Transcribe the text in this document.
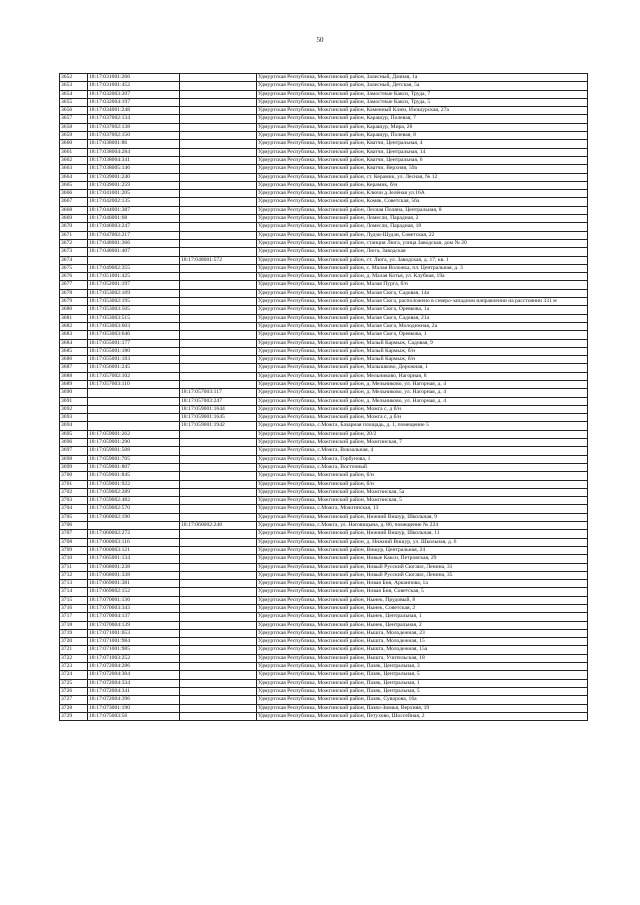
50
3652	18:17:031001:266		Удмуртская Республика, Можгинский район, Залесный, Дачная, 1а
3653	18:17:031001:452		Удмуртская Республика, Можгинский район, Залесный, Детская, 5а
3654	18:17:032003:207		Удмуртская Республика, Можгинский район, Замостные Какси, Труда, 7
3655	18:17:032004:197		Удмуртская Республика, Можгинский район, Замостные Какси, Труда, 5
3656	18:17:034001:248		Удмуртская Республика, Можгинский район, Каменный Ключ, Изошурская, 27а
3657	18:17:037002:134		Удмуртская Республика, Можгинский район, Карашур, Полевая, 7
3658	18:17:037002:138		Удмуртская Республика, Можгинский район, Карашур, Мира, 28
3659	18:17:037002:150		Удмуртская Республика, Можгинский район, Карашур, Полевая, 8
3660	18:17:038001:86		Удмуртская Республика, Можгинский район, Кватчи, Центральная, 4
3661	18:17:038004:284		Удмуртская Республика, Можгинский район, Кватчи, Центральная, 14
3662	18:17:038004:341		Удмуртская Республика, Можгинский район, Кватчи, Центральная, 6
3663	18:17:038005:146		Удмуртская Республика, Можгинский район, Кватчи, Верхняя, 59а
3664	18:17:039001:240		Удмуртская Республика, Можгинский район, ст. Керамик, ул. Лесная, № 12
3665	18:17:039001:259		Удмуртская Республика, Можгинский район, Керамик, б/н
3666	18:17:041001:205		Удмуртская Республика, Можгинский район, Ключи д.Зелёная ул.16А
3667	18:17:042002:135		Удмуртская Республика, Можгинский район, Комяк, Советская, 56а
3668	18:17:044001:387		Удмуртская Республика, Можгинский район, Лесная Поляна, Центральная, 8
3669	18:17:046001:68		Удмуртская Республика, Можгинский район, Ломесли, Парадная, 2
3670	18:17:046003:247		Удмуртская Республика, Можгинский район, Ломесли, Парадная, 18
3671	18:17:047002:217		Удмуртская Республика, Можгинский район, Лудзи-Шудзи, Советская, 22
3672	18:17:048001:366		Удмуртская Республика, Можгинский район, станция Люга, улица Заводская, дом № 20
3673	18:17:048001:407		Удмуртская Республика, Можгинский район, Люга, Заводская
3674		18:17:048001:572	Удмуртская Республика, Можгинский район, ст. Люга, ул. Заводская, д. 17, кв. 1
3675	18:17:049002:355		Удмуртская Республика, Можгинский район, с. Малая Воложка, пл. Центральная, д. 3
3676	18:17:051001:425		Удмуртская Республика, Можгинский район, д. Малая Котья, ул. Клубная, 19а
3677	18:17:052001:197		Удмуртская Республика, Можгинский район, Малая Пурга, б/н
3678	18:17:053002:169		Удмуртская Республика, Можгинский район, Малая Сюга, Садовая, 14а
3679	18:17:053002:195		Удмуртская Республика, Можгинский район, Малая Сюга, расположено в северо-западном направлении на расстоянии 331 м
3680	18:17:053003:505		Удмуртская Республика, Можгинский район, Малая Сюга, Оревкова, 1а
3681	18:17:053003:515		Удмуртская Республика, Можгинский район, Малая Сюга, Садовая, 21а
3682	18:17:053003:603		Удмуртская Республика, Можгинский район, Малая Сюга, Молодежная, 2а
3683	18:17:053003:646		Удмуртская Республика, Можгинский район, Малая Сюга, Оревкова, 1
3684	18:17:055001:177		Удмуртская Республика, Можгинский район, Малый Кармыж, Садовая, 9
3685	18:17:055001:180		Удмуртская Республика, Можгинский район, Малый Кармыж, б/н
3686	18:17:055001:183		Удмуртская Республика, Можгинский район, Малый Кармыж, б/н
3687	18:17:056001:245		Удмуртская Республика, Можгинский район, Малышково, Дорожная, 1
3688	18:17:057002:102		Удмуртская Республика, Можгинский район, Мельниково, Нагорная, 8
3689	18:17:057003:110		Удмуртская Республика, Можгинский район, д. Мельниково, ул. Нагорная, д. 4
3690		18:17:057003:117	Удмуртская Республика, Можгинский район, д. Мельниково, ул. Нагорная, д. 4
3691		18:17:057003:247	Удмуртская Республика, Можгинский район, д. Мельниково, ул. Нагорная, д. 4
3692		18:17:059001:1644	Удмуртская Республика, Можгинский район, Можга с, д б/н
3693		18:17:059001:1645	Удмуртская Республика, Можгинский район, Можга с, д б/н
3694		18:17:059001:1942	Удмуртская Республика, с.Можга, Базарная площадь, д. 1, помещение 5
3695	18:17:059001:262		Удмуртская Республика, Можгинский район, 20/2
3696	18:17:059001:290		Удмуртская Республика, Можгинский район, Можгинская, 7
3697	18:17:059001:508		Удмуртская Республика, с.Можга, Вокзальная, 4
3698	18:17:059001:705		Удмуртская Республика, с.Можга, Горбунова, 1
3699	18:17:059001:807		Удмуртская Республика, с.Можга, Восточный
3700	18:17:059001:845		Удмуртская Республика, Можгинский район, б/н
3701	18:17:059001:922		Удмуртская Республика, Можгинский район, б/н
3702	18:17:059002:289		Удмуртская Республика, Можгинский район, Можгинская, 5а
3703	18:17:059002:482		Удмуртская Республика, Можгинский район, Можгинская, 5
3704	18:17:059002:570		Удмуртская Республика, с.Можга, Можгинская, 13
3705	18:17:060002:190		Удмуртская Республика, Можгинский район, Нижний Вишур, Школьная, 9
3706		18:17:060002:248	Удмуртская Республика, с.Можга, ул. Наговицына, д. 86, помещение № 224
3707	18:17:060002:272		Удмуртская Республика, Можгинский район, Нижний Вишур, Школьная, 11
3708	18:17:060003:116		Удмуртская Республика, Можгинский район, д. Нижний Вишур, ул. Школьная, д. 6
3709	18:17:060003:121		Удмуртская Республика, Можгинский район, Вишур, Центральная, 24
3710	18:17:065001:134		Удмуртская Республика, Можгинский район, Новые Какси, Петровская, 29
3711	18:17:068001:238		Удмуртская Республика, Можгинский район, Новый Русский Сюгаил, Ленина, 31
3712	18:17:068001:338		Удмуртская Республика, Можгинский район, Новый Русский Сюгаил, Ленина, 35
3713	18:17:069001:381		Удмуртская Республика, Можгинский район, Новая Бия, Аркаипова, 1а
3714	18:17:069002:152		Удмуртская Республика, Можгинский район, Новая Бия, Советская, 5
3715	18:17:070001:136		Удмуртская Республика, Можгинский район, Нынек, Прудовый, 8
3716	18:17:070003:343		Удмуртская Республика, Можгинский район, Нынек, Советская, 2
3717	18:17:070004:137		Удмуртская Республика, Можгинский район, Нынек, Центральная, 1
3718	18:17:070004:139		Удмуртская Республика, Можгинский район, Нынек, Центральная, 2
3719	18:17:071001:653		Удмуртская Республика, Можгинский район, Нышга, Молодежная, 23
3720	18:17:071001:984		Удмуртская Республика, Можгинский район, Нышга, Молодежная, 15
3721	18:17:071001:985		Удмуртская Республика, Можгинский район, Нышга, Молодежная, 15а
3722	18:17:071003:252		Удмуртская Республика, Можгинский район, Нышга, Учительская, 18
3723	18:17:072004:286		Удмуртская Республика, Можгинский район, Пазяк, Центральная, 3
3724	18:17:072004:304		Удмуртская Республика, Можгинский район, Пазяк, Центральная, 5
3725	18:17:072004:334		Удмуртская Республика, Можгинский район, Пазяк, Центральная, 1
3726	18:17:072004:341		Удмуртская Республика, Можгинский район, Пазяк, Центральная, 5
3727	18:17:072004:396		Удмуртская Республика, Можгинский район, Пазяк, Суворова, 16а
3728	18:17:073001:190		Удмуртская Республика, Можгинский район, Пазял-Зюмья, Верхняя, 19
3729	18:17:075003:56		Удмуртская Республика, Можгинский район, Петухово, Шоссейная, 2
